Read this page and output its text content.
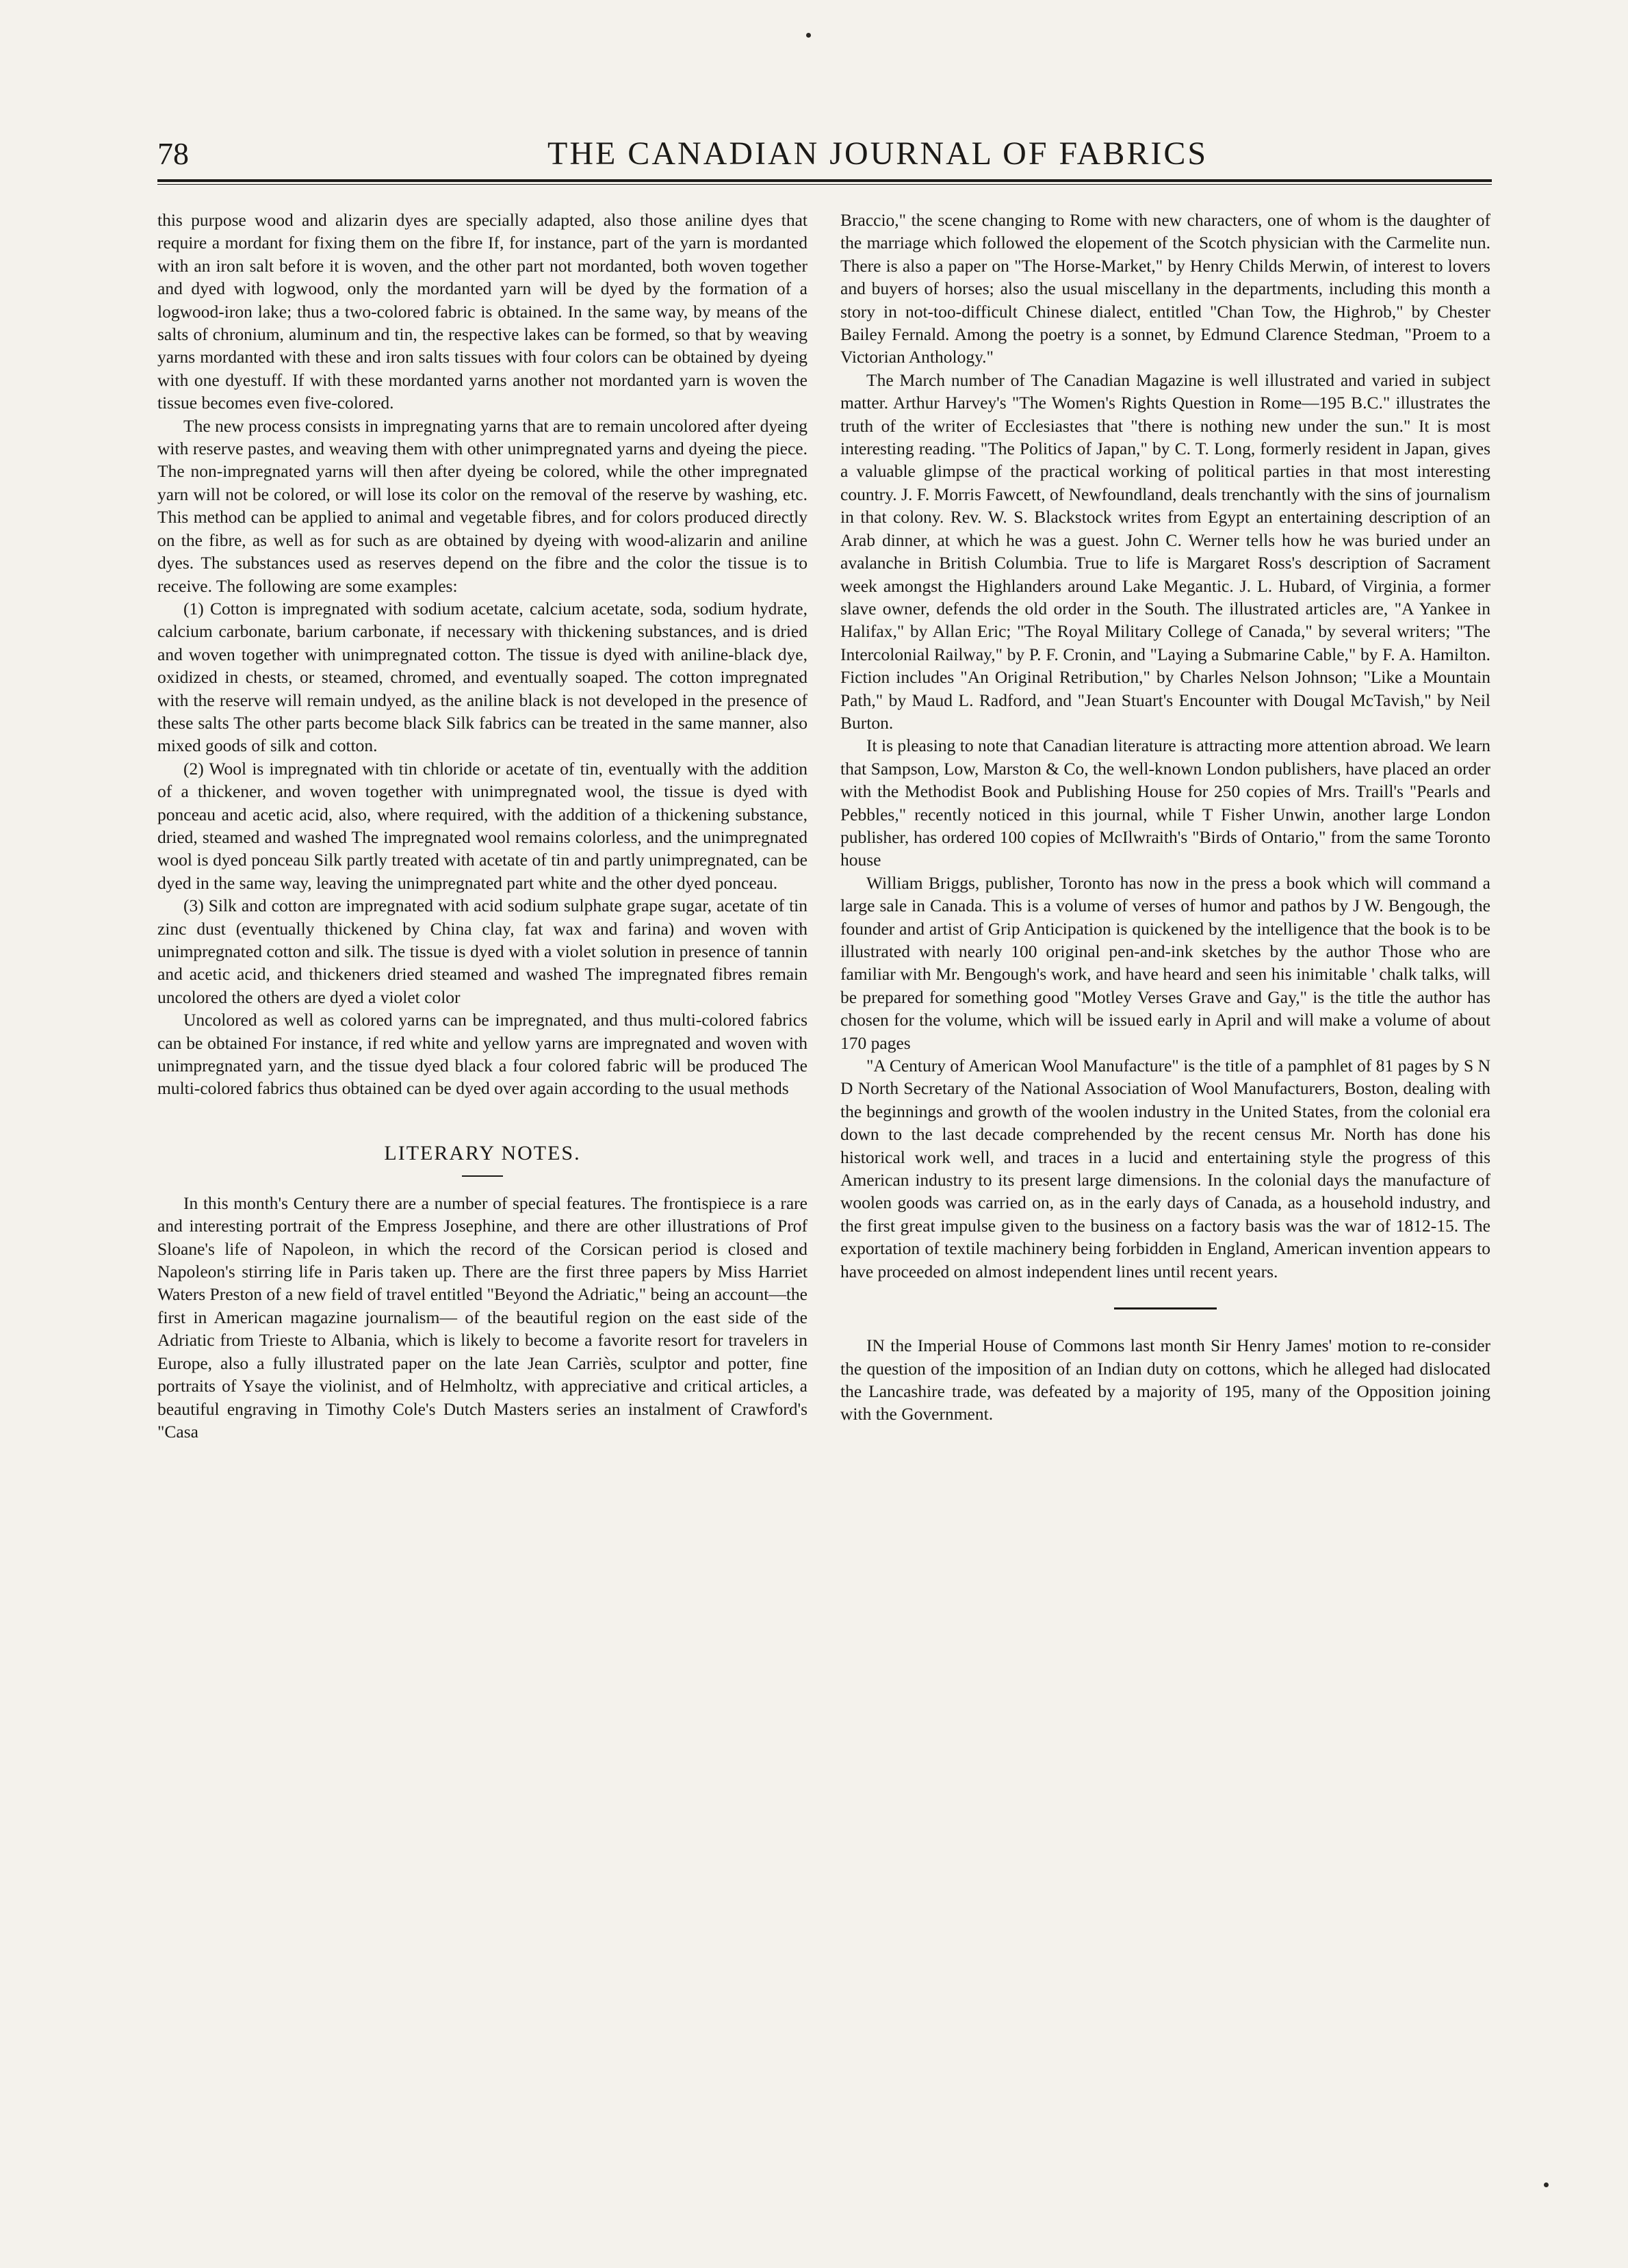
78	THE CANADIAN JOURNAL OF FABRICS

this purpose wood and alizarin dyes are specially adapted, also those aniline dyes that require a mordant for fixing them on the fibre If, for instance, part of the yarn is mordanted with an iron salt before it is woven, and the other part not mordanted, both woven together and dyed with logwood, only the mordanted yarn will be dyed by the formation of a logwood-iron lake; thus a two-colored fabric is obtained. In the same way, by means of the salts of chronium, aluminum and tin, the respective lakes can be formed, so that by weaving yarns mordanted with these and iron salts tissues with four colors can be obtained by dyeing with one dyestuff. If with these mordanted yarns another not mordanted yarn is woven the tissue becomes even five-colored.

The new process consists in impregnating yarns that are to remain uncolored after dyeing with reserve pastes, and weaving them with other unimpregnated yarns and dyeing the piece. The non-impregnated yarns will then after dyeing be colored, while the other impregnated yarn will not be colored, or will lose its color on the removal of the reserve by washing, etc. This method can be applied to animal and vegetable fibres, and for colors produced directly on the fibre, as well as for such as are obtained by dyeing with wood-alizarin and aniline dyes. The substances used as reserves depend on the fibre and the color the tissue is to receive. The following are some examples:

(1) Cotton is impregnated with sodium acetate, calcium acetate, soda, sodium hydrate, calcium carbonate, barium carbonate, if necessary with thickening substances, and is dried and woven together with unimpregnated cotton. The tissue is dyed with aniline-black dye, oxidized in chests, or steamed, chromed, and eventually soaped. The cotton impregnated with the reserve will remain undyed, as the aniline black is not developed in the presence of these salts The other parts become black Silk fabrics can be treated in the same manner, also mixed goods of silk and cotton.

(2) Wool is impregnated with tin chloride or acetate of tin, eventually with the addition of a thickener, and woven together with unimpregnated wool, the tissue is dyed with ponceau and acetic acid, also, where required, with the addition of a thickening substance, dried, steamed and washed The impregnated wool remains colorless, and the unimpregnated wool is dyed ponceau Silk partly treated with acetate of tin and partly unimpregnated, can be dyed in the same way, leaving the unimpregnated part white and the other dyed ponceau.

(3) Silk and cotton are impregnated with acid sodium sulphate grape sugar, acetate of tin zinc dust (eventually thickened by China clay, fat wax and farina) and woven with unimpregnated cotton and silk. The tissue is dyed with a violet solution in presence of tannin and acetic acid, and thickeners dried steamed and washed The impregnated fibres remain uncolored the others are dyed a violet color

Uncolored as well as colored yarns can be impregnated, and thus multi-colored fabrics can be obtained For instance, if red white and yellow yarns are impregnated and woven with unimpregnated yarn, and the tissue dyed black a four colored fabric will be produced The multi-colored fabrics thus obtained can be dyed over again according to the usual methods

LITERARY NOTES.

In this month's Century there are a number of special features. The frontispiece is a rare and interesting portrait of the Empress Josephine, and there are other illustrations of Prof Sloane's life of Napoleon, in which the record of the Corsican period is closed and Napoleon's stirring life in Paris taken up. There are the first three papers by Miss Harriet Waters Preston of a new field of travel entitled "Beyond the Adriatic," being an account—the first in American magazine journalism— of the beautiful region on the east side of the Adriatic from Trieste to Albania, which is likely to become a favorite resort for travelers in Europe, also a fully illustrated paper on the late Jean Carriès, sculptor and potter, fine portraits of Ysaye the violinist, and of Helmholtz, with appreciative and critical articles, a beautiful engraving in Timothy Cole's Dutch Masters series an instalment of Crawford's "Casa

Braccio," the scene changing to Rome with new characters, one of whom is the daughter of the marriage which followed the elopement of the Scotch physician with the Carmelite nun. There is also a paper on "The Horse-Market," by Henry Childs Merwin, of interest to lovers and buyers of horses; also the usual miscellany in the departments, including this month a story in not-too-difficult Chinese dialect, entitled "Chan Tow, the Highrob," by Chester Bailey Fernald. Among the poetry is a sonnet, by Edmund Clarence Stedman, "Proem to a Victorian Anthology."

The March number of The Canadian Magazine is well illustrated and varied in subject matter. Arthur Harvey's "The Women's Rights Question in Rome—195 B.C." illustrates the truth of the writer of Ecclesiastes that "there is nothing new under the sun." It is most interesting reading. "The Politics of Japan," by C. T. Long, formerly resident in Japan, gives a valuable glimpse of the practical working of political parties in that most interesting country. J. F. Morris Fawcett, of Newfoundland, deals trenchantly with the sins of journalism in that colony. Rev. W. S. Blackstock writes from Egypt an entertaining description of an Arab dinner, at which he was a guest. John C. Werner tells how he was buried under an avalanche in British Columbia. True to life is Margaret Ross's description of Sacrament week amongst the Highlanders around Lake Megantic. J. L. Hubard, of Virginia, a former slave owner, defends the old order in the South. The illustrated articles are, "A Yankee in Halifax," by Allan Eric; "The Royal Military College of Canada," by several writers; "The Intercolonial Railway," by P. F. Cronin, and "Laying a Submarine Cable," by F. A. Hamilton. Fiction includes "An Original Retribution," by Charles Nelson Johnson; "Like a Mountain Path," by Maud L. Radford, and "Jean Stuart's Encounter with Dougal McTavish," by Neil Burton.

It is pleasing to note that Canadian literature is attracting more attention abroad. We learn that Sampson, Low, Marston & Co, the well-known London publishers, have placed an order with the Methodist Book and Publishing House for 250 copies of Mrs. Traill's "Pearls and Pebbles," recently noticed in this journal, while T Fisher Unwin, another large London publisher, has ordered 100 copies of McIlwraith's "Birds of Ontario," from the same Toronto house

William Briggs, publisher, Toronto has now in the press a book which will command a large sale in Canada. This is a volume of verses of humor and pathos by J W. Bengough, the founder and artist of Grip Anticipation is quickened by the intelligence that the book is to be illustrated with nearly 100 original pen-and-ink sketches by the author Those who are familiar with Mr. Bengough's work, and have heard and seen his inimitable ' chalk talks, will be prepared for something good "Motley Verses Grave and Gay," is the title the author has chosen for the volume, which will be issued early in April and will make a volume of about 170 pages

"A Century of American Wool Manufacture" is the title of a pamphlet of 81 pages by S N D North Secretary of the National Association of Wool Manufacturers, Boston, dealing with the beginnings and growth of the woolen industry in the United States, from the colonial era down to the last decade comprehended by the recent census Mr. North has done his historical work well, and traces in a lucid and entertaining style the progress of this American industry to its present large dimensions. In the colonial days the manufacture of woolen goods was carried on, as in the early days of Canada, as a household industry, and the first great impulse given to the business on a factory basis was the war of 1812-15. The exportation of textile machinery being forbidden in England, American invention appears to have proceeded on almost independent lines until recent years.

IN the Imperial House of Commons last month Sir Henry James' motion to re-consider the question of the imposition of an Indian duty on cottons, which he alleged had dislocated the Lancashire trade, was defeated by a majority of 195, many of the Opposition joining with the Government.
